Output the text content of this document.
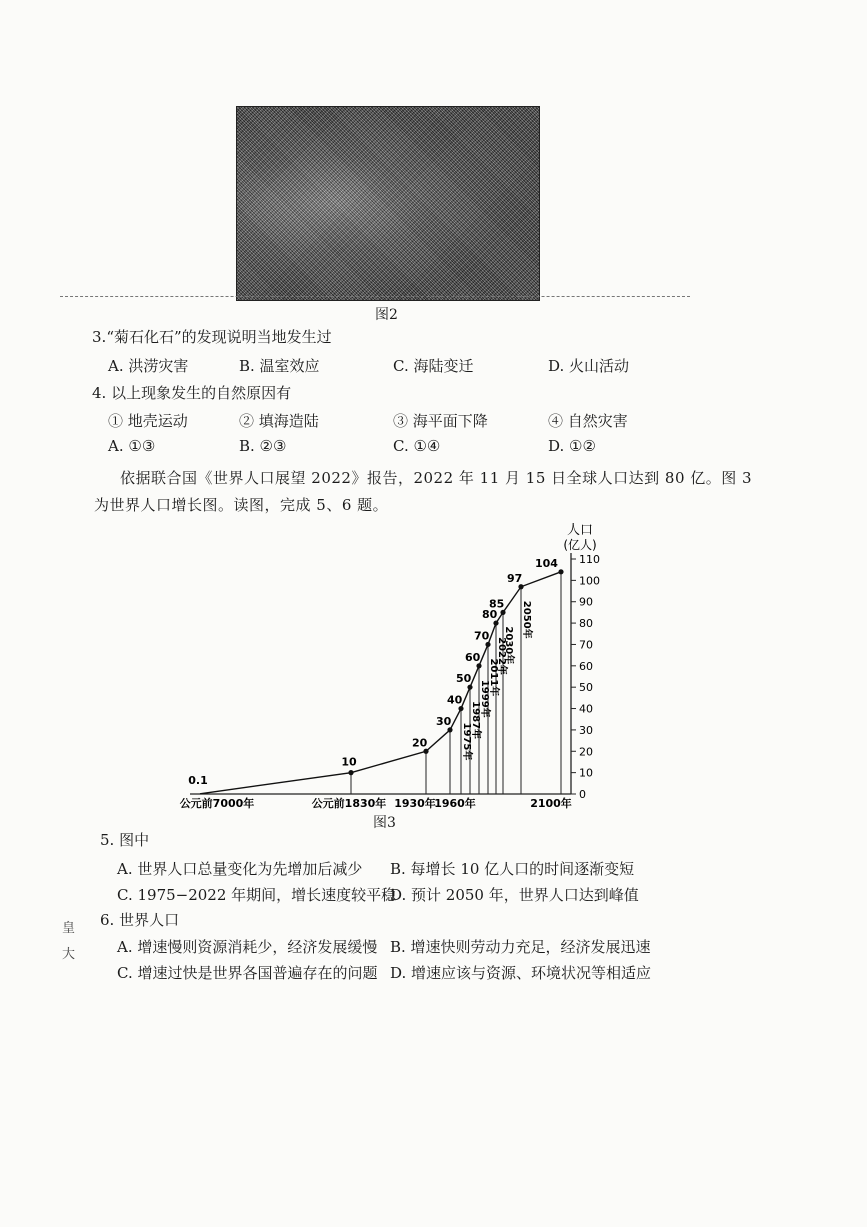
图2
3.“菊石化石”的发现说明当地发生过
A. 洪涝灾害	B. 温室效应	C. 海陆变迁	D. 火山活动
4. 以上现象发生的自然原因有
① 地壳运动	② 填海造陆	③ 海平面下降	④ 自然灾害
A. ①③	B. ②③	C. ①④	D. ①②
依据联合国《世界人口展望 2022》报告，2022 年 11 月 15 日全球人口达到 80 亿。图 3
为世界人口增长图。读图，完成 5、6 题。
0
10
20
30
40
50
60
70
80
90
100
110
0.1
10
20
30
40
50
60
70
80
85
97
104
公元前7000年	公元前1830年 1930年
1960年	2100年
1975年
1987年
1999年
2011年
2022年
2030年
2050年
人口
(亿人)
图3
5. 图中
A. 世界人口总量变化为先增加后减少 B. 每增长 10 亿人口的时间逐渐变短
C. 1975−2022 年期间，增长速度较平稳
D. 预计 2050 年，世界人口达到峰值
6. 世界人口
A. 增速慢则资源消耗少，经济发展缓慢 B. 增速快则劳动力充足，经济发展迅速
C. 增速过快是世界各国普遍存在的问题 D. 增速应该与资源、环境状况等相适应
皇
大
